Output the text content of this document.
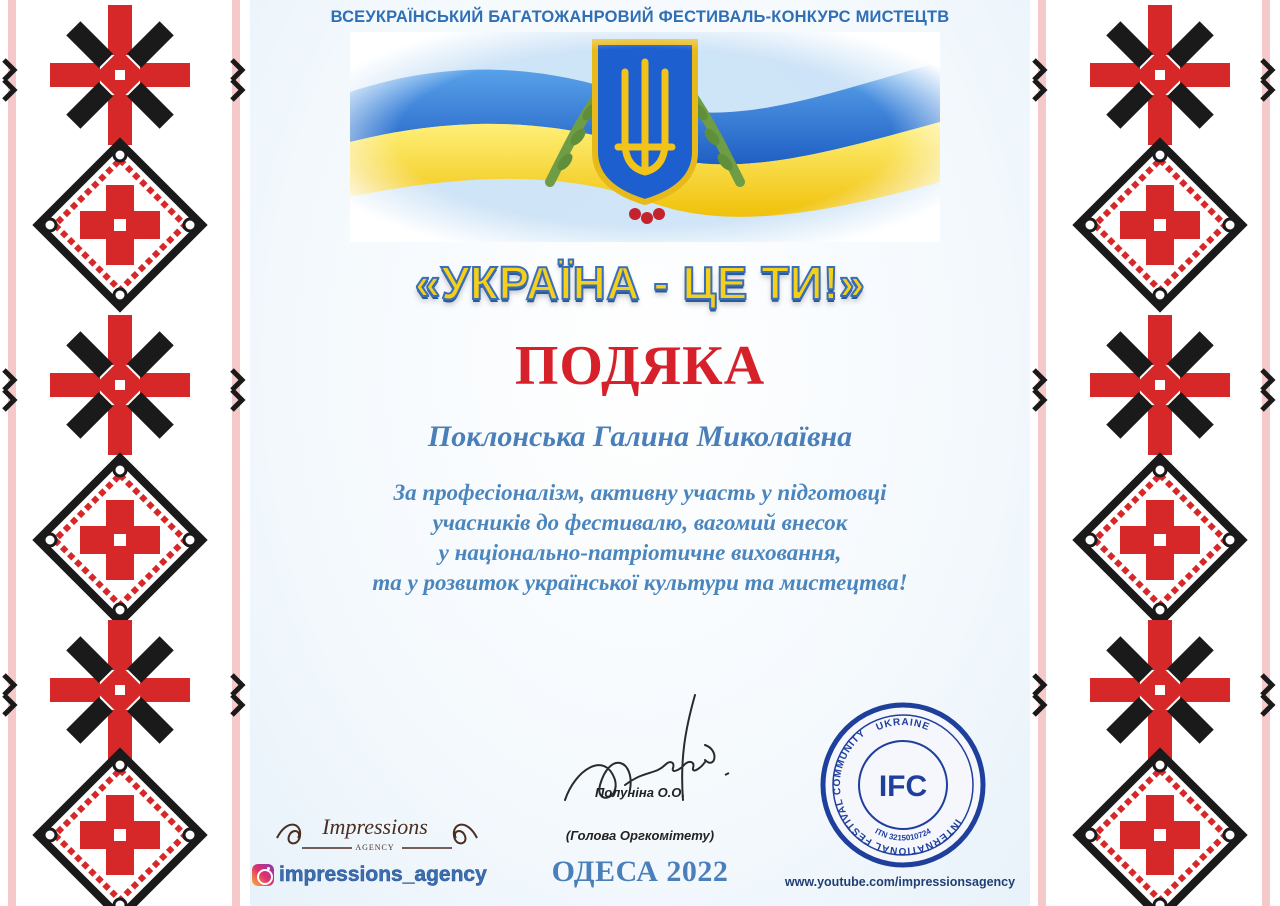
ВСЕУКРАЇНСЬКИЙ БАГАТОЖАНРОВИЙ ФЕСТИВАЛЬ-КОНКУРС МИСТЕЦТВ
«УКРАЇНА - ЦЕ ТИ!»
ПОДЯКА
Поклонська Галина Миколаївна
За професіоналізм, активну участь у підготовці
учасників до фестивалю, вагомий внесок
у національно-патріотичне виховання,
та у розвиток української культури та мистецтва!
Полуніна О.О.
(Голова Оргкомітету)
ОДЕСА 2022
Impressions
AGENCY
impressions_agency
UKRAINE
INTERNATIONAL FESTIVAL COMMUNITY
ITN 3215010724
IFC
www.youtube.com/impressionsagency
